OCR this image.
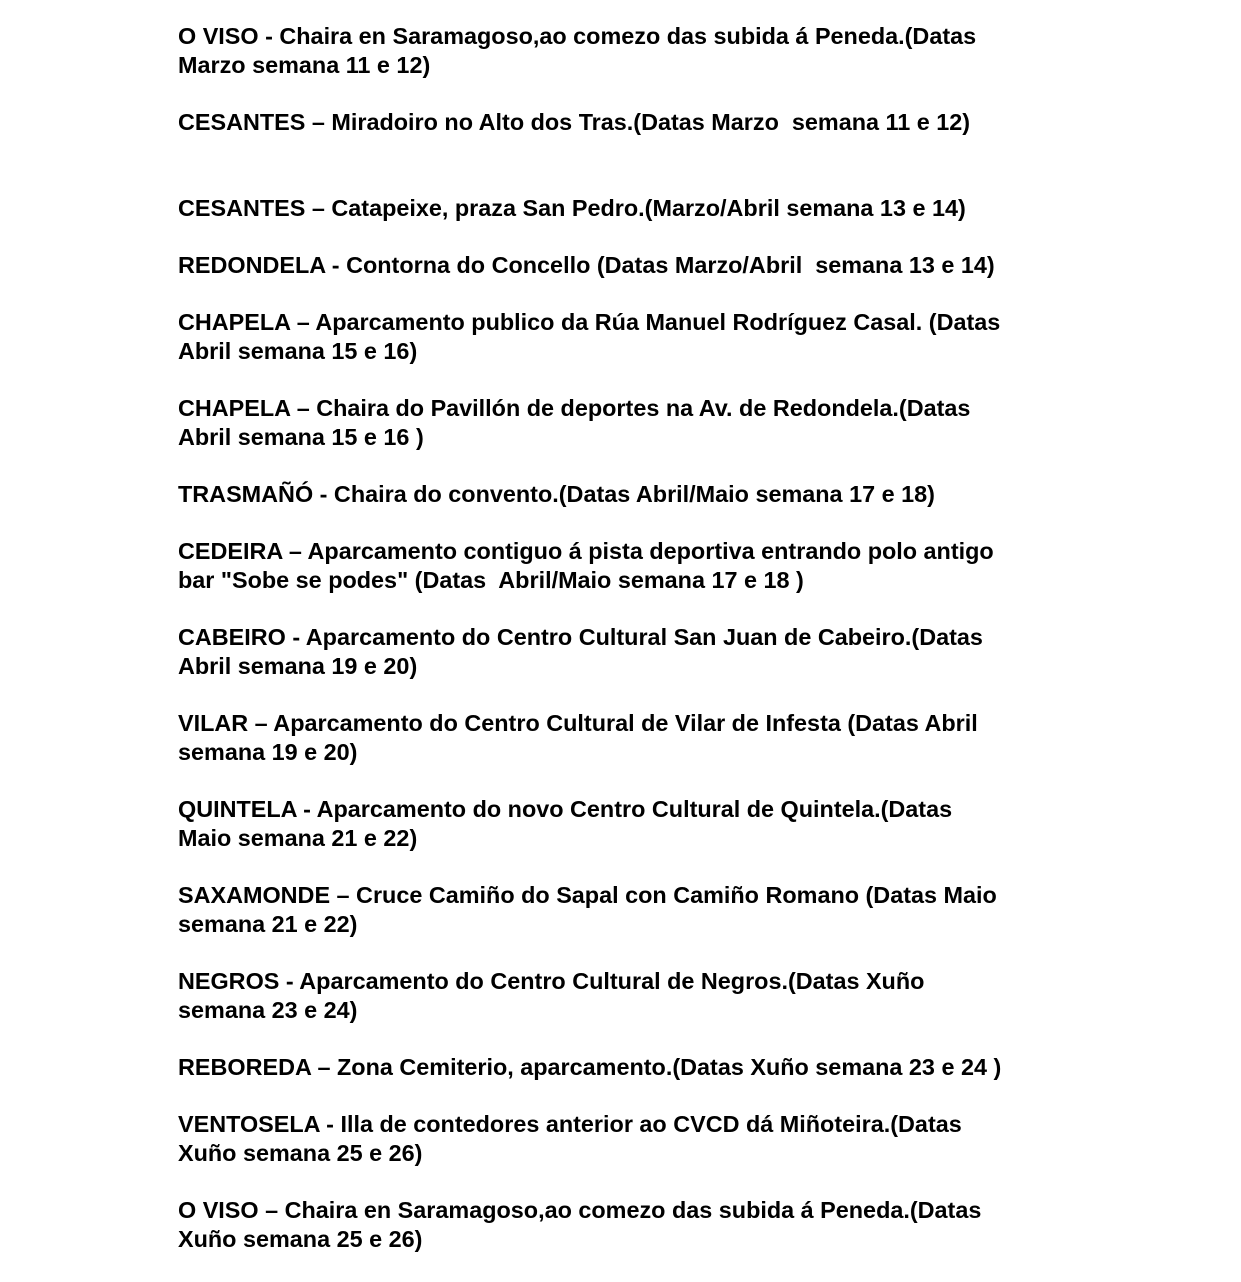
O VISO - Chaira en Saramagoso,ao comezo das subida á Peneda.(Datas
Marzo semana 11 e 12)

CESANTES – Miradoiro no Alto dos Tras.(Datas Marzo  semana 11 e 12)

CESANTES – Catapeixe, praza San Pedro.(Marzo/Abril semana 13 e 14)

REDONDELA - Contorna do Concello (Datas Marzo/Abril  semana 13 e 14)

CHAPELA – Aparcamento publico da Rúa Manuel Rodríguez Casal. (Datas
Abril semana 15 e 16)

CHAPELA – Chaira do Pavillón de deportes na Av. de Redondela.(Datas
Abril semana 15 e 16 )

TRASMAÑÓ - Chaira do convento.(Datas Abril/Maio semana 17 e 18)

CEDEIRA – Aparcamento contiguo á pista deportiva entrando polo antigo
bar "Sobe se podes" (Datas  Abril/Maio semana 17 e 18 )

CABEIRO - Aparcamento do Centro Cultural San Juan de Cabeiro.(Datas
Abril semana 19 e 20)

VILAR – Aparcamento do Centro Cultural de Vilar de Infesta (Datas Abril
semana 19 e 20)

QUINTELA - Aparcamento do novo Centro Cultural de Quintela.(Datas
Maio semana 21 e 22)

SAXAMONDE – Cruce Camiño do Sapal con Camiño Romano (Datas Maio
semana 21 e 22)

NEGROS - Aparcamento do Centro Cultural de Negros.(Datas Xuño
semana 23 e 24)

REBOREDA – Zona Cemiterio, aparcamento.(Datas Xuño semana 23 e 24 )

VENTOSELA - Illa de contedores anterior ao CVCD dá Miñoteira.(Datas
Xuño semana 25 e 26)

O VISO – Chaira en Saramagoso,ao comezo das subida á Peneda.(Datas
Xuño semana 25 e 26)
